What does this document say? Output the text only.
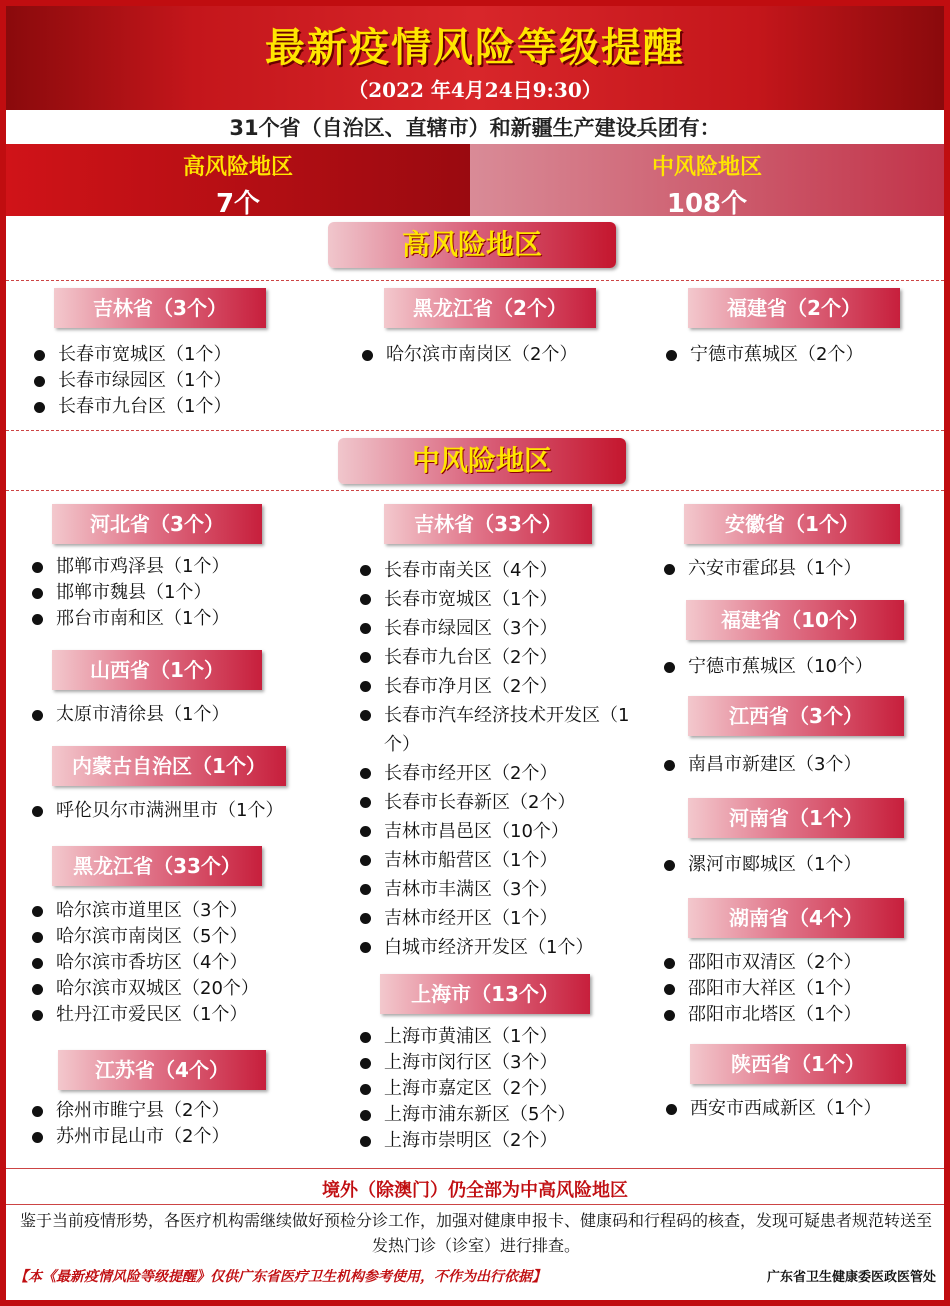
最新疫情风险等级提醒
（2022 年4月24日9:30）
31个省（自治区、直辖市）和新疆生产建设兵团有：
高风险地区
7个
中风险地区
108个
高风险地区
吉林省（3个）
长春市宽城区（1个）
长春市绿园区（1个）
长春市九台区（1个）
黑龙江省（2个）
哈尔滨市南岗区（2个）
福建省（2个）
宁德市蕉城区（2个）
中风险地区
河北省（3个）
邯郸市鸡泽县（1个）
邯郸市魏县（1个）
邢台市南和区（1个）
山西省（1个）
太原市清徐县（1个）
内蒙古自治区（1个）
呼伦贝尔市满洲里市（1个）
黑龙江省（33个）
哈尔滨市道里区（3个）
哈尔滨市南岗区（5个）
哈尔滨市香坊区（4个）
哈尔滨市双城区（20个）
牡丹江市爱民区（1个）
江苏省（4个）
徐州市睢宁县（2个）
苏州市昆山市（2个）
吉林省（33个）
长春市南关区（4个）
长春市宽城区（1个）
长春市绿园区（3个）
长春市九台区（2个）
长春市净月区（2个）
长春市汽车经济技术开发区（1个）
长春市经开区（2个）
长春市长春新区（2个）
吉林市昌邑区（10个）
吉林市船营区（1个）
吉林市丰满区（3个）
吉林市经开区（1个）
白城市经济开发区（1个）
上海市（13个）
上海市黄浦区（1个）
上海市闵行区（3个）
上海市嘉定区（2个）
上海市浦东新区（5个）
上海市崇明区（2个）
安徽省（1个）
六安市霍邱县（1个）
福建省（10个）
宁德市蕉城区（10个）
江西省（3个）
南昌市新建区（3个）
河南省（1个）
漯河市郾城区（1个）
湖南省（4个）
邵阳市双清区（2个）
邵阳市大祥区（1个）
邵阳市北塔区（1个）
陕西省（1个）
西安市西咸新区（1个）
境外（除澳门）仍全部为中高风险地区
鉴于当前疫情形势，各医疗机构需继续做好预检分诊工作，加强对健康申报卡、健康码和行程码的核查，发现可疑患者规范转送至发热门诊（诊室）进行排查。
【本《最新疫情风险等级提醒》仅供广东省医疗卫生机构参考使用，不作为出行依据】	广东省卫生健康委医政医管处
